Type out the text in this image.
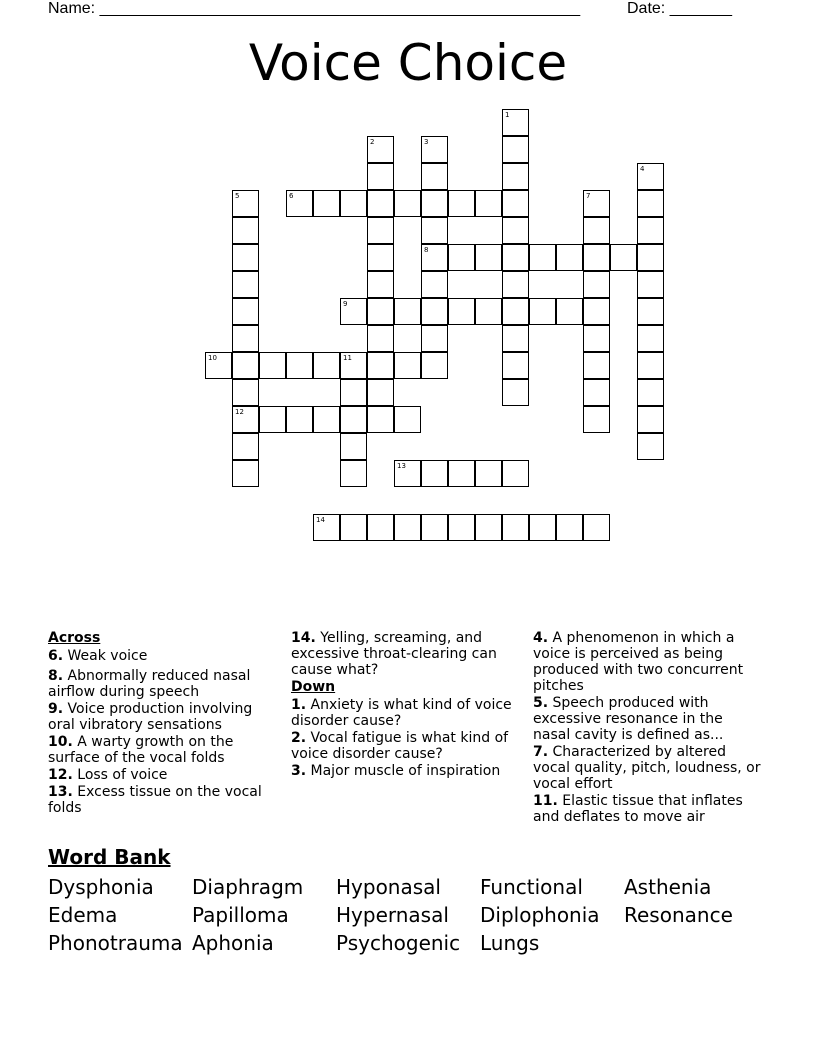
Name: ______________________________________________________	Date: _______
Voice Choice
1
2	3
8
4
5
12
6	7
9
10	11
13
14
Across
6. Weak voice
8. Abnormally reduced nasal airflow during speech
9. Voice production involving oral vibratory sensations
10. A warty growth on the surface of the vocal folds
12. Loss of voice
13. Excess tissue on the vocal folds
14. Yelling, screaming, and excessive throat-clearing can cause what?
Down
1. Anxiety is what kind of voice disorder cause?
2. Vocal fatigue is what kind of voice disorder cause?
3. Major muscle of inspiration
4. A phenomenon in which a voice is perceived as being produced with two concurrent pitches
5. Speech produced with excessive resonance in the nasal cavity is defined as...
7. Characterized by altered vocal quality, pitch, loudness, or vocal effort
11. Elastic tissue that inflates and deflates to move air
Word Bank
Dysphonia Diaphragm Hyponasal Functional Asthenia
Edema	Papilloma Hypernasal Diplophonia Resonance
Phonotrauma Aphonia	Psychogenic Lungs
